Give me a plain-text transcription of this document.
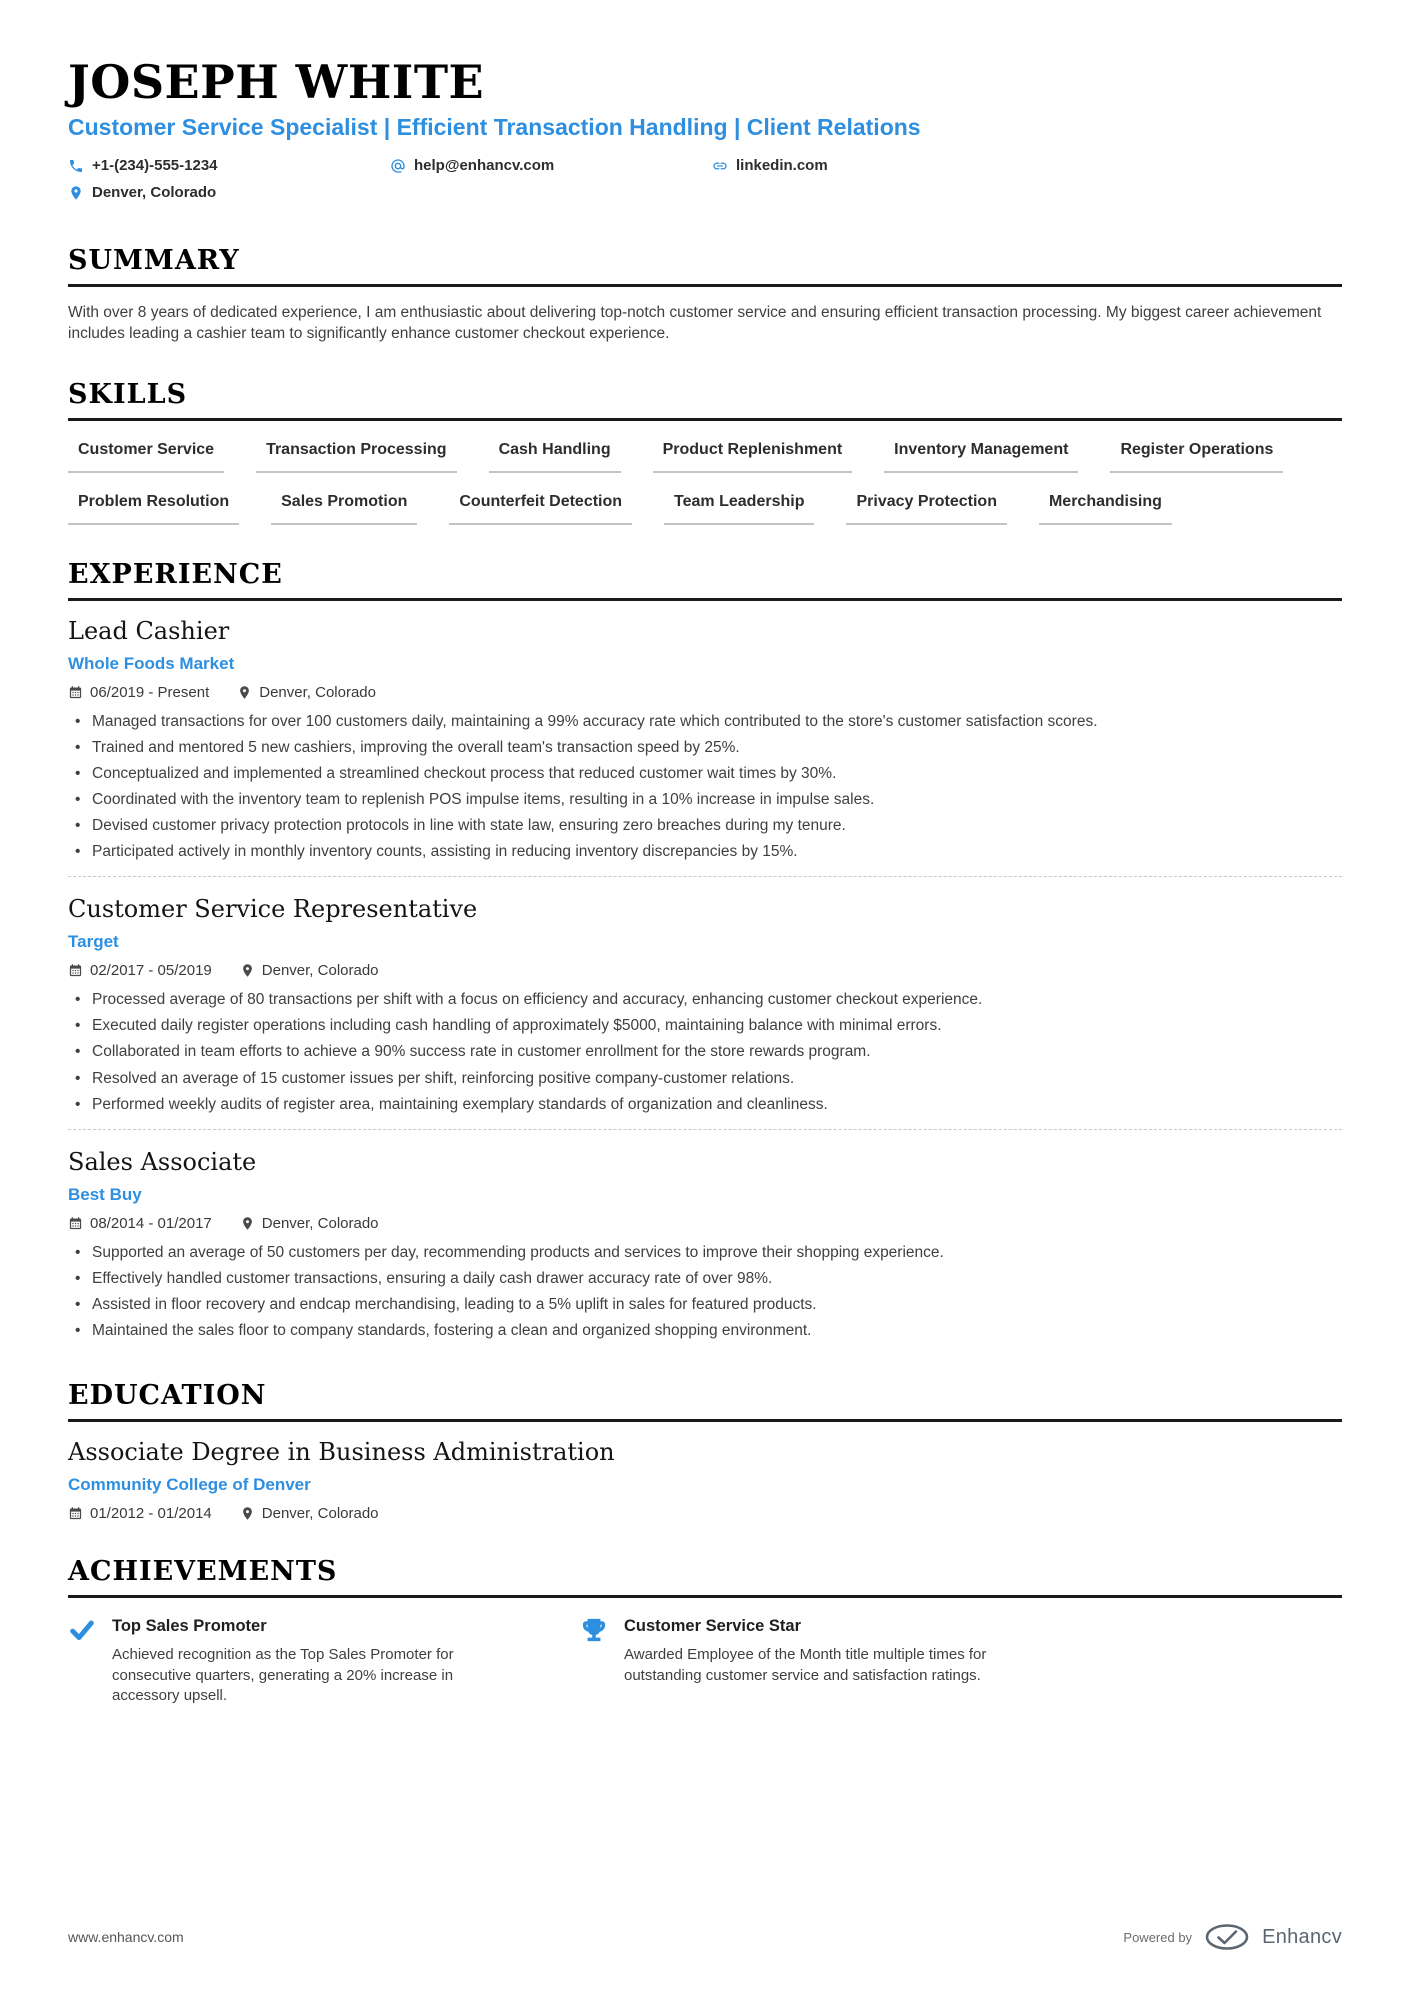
JOSEPH WHITE
Customer Service Specialist | Efficient Transaction Handling | Client Relations
+1-(234)-555-1234	help@enhancv.com	linkedin.com
Denver, Colorado
SUMMARY

With over 8 years of dedicated experience, I am enthusiastic about delivering top-notch customer service and ensuring efficient transaction processing. My biggest career achievement includes leading a cashier team to significantly enhance customer checkout experience.

SKILLS
Customer Service	Transaction Processing	Cash Handling	Product Replenishment	Inventory Management	Register Operations
Problem Resolution	Sales Promotion	Counterfeit Detection	Team Leadership	Privacy Protection	Merchandising
EXPERIENCE
Lead Cashier
Whole Foods Market
06/2019 - Present	Denver, Colorado
• Managed transactions for over 100 customers daily, maintaining a 99% accuracy rate which contributed to the store's customer satisfaction scores.
• Trained and mentored 5 new cashiers, improving the overall team's transaction speed by 25%.
• Conceptualized and implemented a streamlined checkout process that reduced customer wait times by 30%.
• Coordinated with the inventory team to replenish POS impulse items, resulting in a 10% increase in impulse sales.
• Devised customer privacy protection protocols in line with state law, ensuring zero breaches during my tenure.
• Participated actively in monthly inventory counts, assisting in reducing inventory discrepancies by 15%.
Customer Service Representative
Target
02/2017 - 05/2019	Denver, Colorado
• Processed average of 80 transactions per shift with a focus on efficiency and accuracy, enhancing customer checkout experience.
• Executed daily register operations including cash handling of approximately $5000, maintaining balance with minimal errors.
• Collaborated in team efforts to achieve a 90% success rate in customer enrollment for the store rewards program.
• Resolved an average of 15 customer issues per shift, reinforcing positive company-customer relations.
• Performed weekly audits of register area, maintaining exemplary standards of organization and cleanliness.
Sales Associate
Best Buy
08/2014 - 01/2017	Denver, Colorado
• Supported an average of 50 customers per day, recommending products and services to improve their shopping experience.
• Effectively handled customer transactions, ensuring a daily cash drawer accuracy rate of over 98%.
• Assisted in floor recovery and endcap merchandising, leading to a 5% uplift in sales for featured products.
• Maintained the sales floor to company standards, fostering a clean and organized shopping environment.
EDUCATION
Associate Degree in Business Administration
Community College of Denver
01/2012 - 01/2014	Denver, Colorado
ACHIEVEMENTS
Top Sales Promoter

Achieved recognition as the Top Sales Promoter for consecutive quarters, generating a 20% increase in accessory upsell.

Customer Service Star

Awarded Employee of the Month title multiple times for outstanding customer service and satisfaction ratings.

www.enhancv.com	Powered by	Enhancv
